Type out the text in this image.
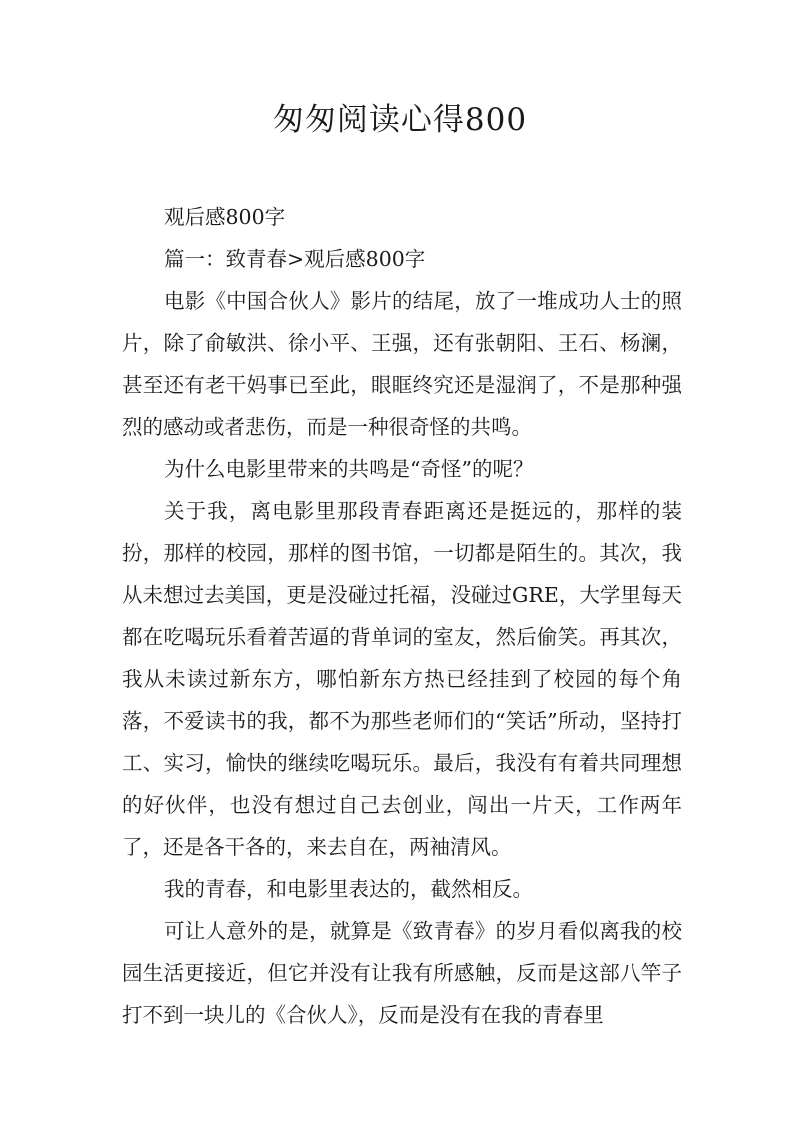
匆匆阅读心得800

观后感800字

篇一：致青春>观后感800字

电影《中国合伙人》影片的结尾，放了一堆成功人士的照片，除了俞敏洪、徐小平、王强，还有张朝阳、王石、杨澜，甚至还有老干妈事已至此，眼眶终究还是湿润了，不是那种强烈的感动或者悲伤，而是一种很奇怪的共鸣。

为什么电影里带来的共鸣是“奇怪”的呢？

关于我，离电影里那段青春距离还是挺远的，那样的装扮，那样的校园，那样的图书馆，一切都是陌生的。其次，我从未想过去美国，更是没碰过托福，没碰过GRE，大学里每天都在吃喝玩乐看着苦逼的背单词的室友，然后偷笑。再其次，我从未读过新东方，哪怕新东方热已经挂到了校园的每个角落，不爱读书的我，都不为那些老师们的“笑话”所动，坚持打工、实习，愉快的继续吃喝玩乐。最后，我没有有着共同理想的好伙伴，也没有想过自己去创业，闯出一片天，工作两年了，还是各干各的，来去自在，两袖清风。

我的青春，和电影里表达的，截然相反。

可让人意外的是，就算是《致青春》的岁月看似离我的校园生活更接近，但它并没有让我有所感触，反而是这部八竿子打不到一块儿的《合伙人》，反而是没有在我的青春里
